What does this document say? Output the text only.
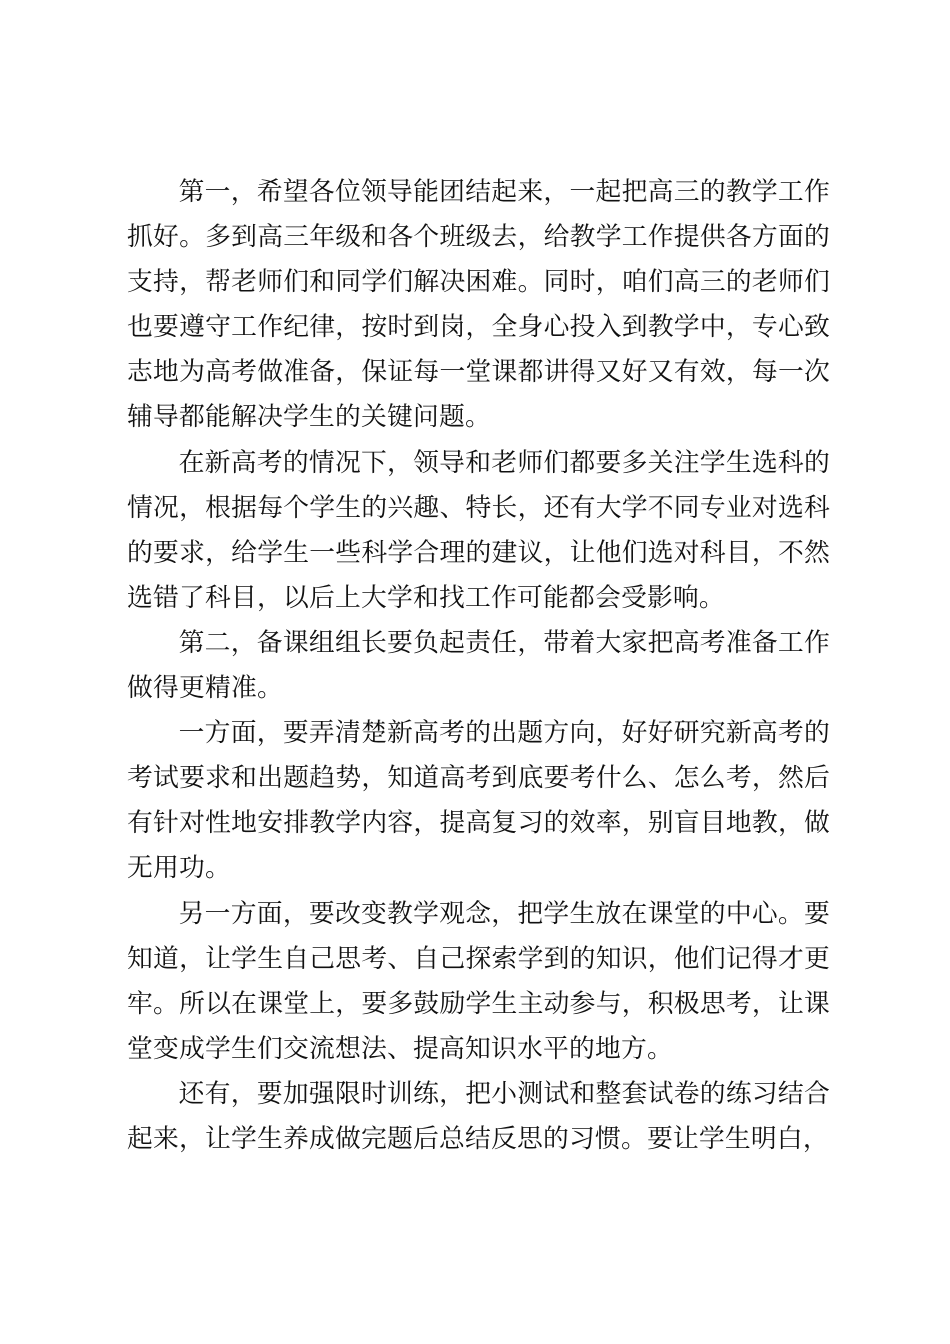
第一，希望各位领导能团结起来，一起把高三的教学工作抓好。多到高三年级和各个班级去，给教学工作提供各方面的支持，帮老师们和同学们解决困难。同时，咱们高三的老师们也要遵守工作纪律，按时到岗，全身心投入到教学中，专心致志地为高考做准备，保证每一堂课都讲得又好又有效，每一次辅导都能解决学生的关键问题。

在新高考的情况下，领导和老师们都要多关注学生选科的情况，根据每个学生的兴趣、特长，还有大学不同专业对选科的要求，给学生一些科学合理的建议，让他们选对科目，不然选错了科目，以后上大学和找工作可能都会受影响。

第二，备课组组长要负起责任，带着大家把高考准备工作做得更精准。

一方面，要弄清楚新高考的出题方向，好好研究新高考的考试要求和出题趋势，知道高考到底要考什么、怎么考，然后有针对性地安排教学内容，提高复习的效率，别盲目地教，做无用功。

另一方面，要改变教学观念，把学生放在课堂的中心。要知道，让学生自己思考、自己探索学到的知识，他们记得才更牢。所以在课堂上，要多鼓励学生主动参与，积极思考，让课堂变成学生们交流想法、提高知识水平的地方。

还有，要加强限时训练，把小测试和整套试卷的练习结合起来，让学生养成做完题后总结反思的习惯。要让学生明白，
